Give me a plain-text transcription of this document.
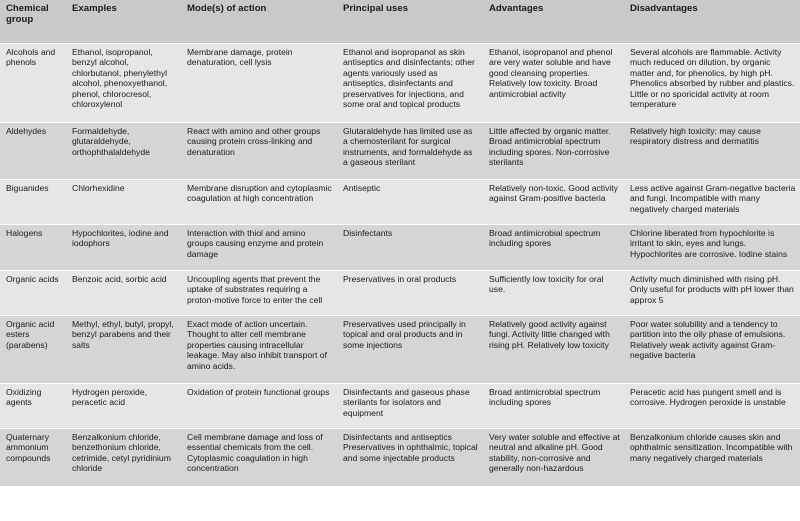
Chemical group	Examples	Mode(s) of action	Principal uses	Advantages	Disadvantages
Alcohols and phenols	Ethanol, isopropanol, benzyl alcohol, chlorbutanol, phenylethyl alcohol, phenoxyethanol, phenol, chlorocresol, chloroxylenol	Membrane damage, protein denaturation, cell lysis	Ethanol and isopropanol as skin antiseptics and disinfectants; other agents variously used as antiseptics, disinfectants and preservatives for injections, and some oral and topical products	Ethanol, isopropanol and phenol are very water soluble and have good cleansing properties. Relatively low toxicity. Broad antimicrobial activity	Several alcohols are flammable. Activity much reduced on dilution, by organic matter and, for phenolics, by high pH. Phenolics absorbed by rubber and plastics. Little or no sporicidal activity at room temperature
Aldehydes	Formaldehyde, glutaraldehyde, orthophthalaldehyde	React with amino and other groups causing protein cross-linking and denaturation	Glutaraldehyde has limited use as a chemosterilant for surgical instruments, and formaldehyde as a gaseous sterilant	Little affected by organic matter. Broad antimicrobial spectrum including spores. Non-corrosive sterilants	Relatively high toxicity: may cause respiratory distress and dermatitis
Biguanides	Chlorhexidine	Membrane disruption and cytoplasmic coagulation at high concentration	Antiseptic	Relatively non-toxic. Good activity against Gram-positive bacteria	Less active against Gram-negative bacteria and fungi. Incompatible with many negatively charged materials
Halogens	Hypochlorites, iodine and iodophors	Interaction with thiol and amino groups causing enzyme and protein damage	Disinfectants	Broad antimicrobial spectrum including spores	Chlorine liberated from hypochlorite is irritant to skin, eyes and lungs. Hypochlorites are corrosive. Iodine stains
Organic acids	Benzoic acid, sorbic acid	Uncoupling agents that prevent the uptake of substrates requiring a proton-motive force to enter the cell	Preservatives in oral products	Sufficiently low toxicity for oral use.	Activity much diminished with rising pH. Only useful for products with pH lower than approx 5
Organic acid esters (parabens)	Methyl, ethyl, butyl, propyl, benzyl parabens and their salts	Exact mode of action uncertain. Thought to alter cell membrane properties causing intracellular leakage. May also inhibit transport of amino acids.	Preservatives used principally in topical and oral products and in some injections	Relatively good activity against fungi. Activity little changed with rising pH. Relatively low toxicity	Poor water solubility and a tendency to partition into the oily phase of emulsions. Relatively weak activity against Gram-negative bacteria
Oxidizing agents	Hydrogen peroxide, peracetic acid	Oxidation of protein functional groups	Disinfectants and gaseous phase sterilants for isolators and equipment	Broad antimicrobial spectrum including spores	Peracetic acid has pungent smell and is corrosive. Hydrogen peroxide is unstable
Quaternary ammonium compounds	Benzalkonium chloride, benzethonium chloride, cetrimide, cetyl pyridinium chloride	Cell membrane damage and loss of essential chemicals from the cell. Cytoplasmic coagulation in high concentration	Disinfectants and antiseptics Preservatives in ophthalmic, topical and some injectable products	Very water soluble and effective at neutral and alkaline pH. Good stability, non-corrosive and generally non-hazardous	Benzalkonium chloride causes skin and ophthalmic sensitization. Incompatible with many negatively charged materials
